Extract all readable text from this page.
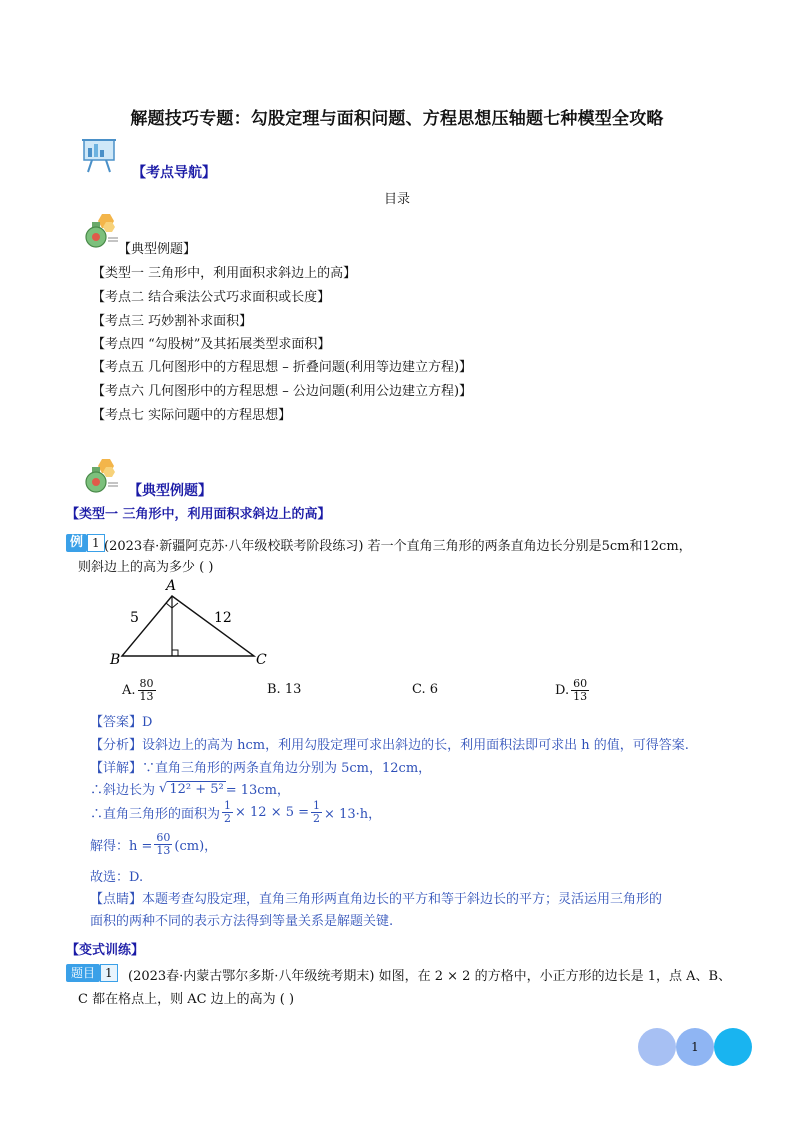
解题技巧专题：勾股定理与面积问题、方程思想压轴题七种模型全攻略
【考点导航】
目录
【典型例题】
【类型一 三角形中，利用面积求斜边上的高】
【考点二 结合乘法公式巧求面积或长度】
【考点三 巧妙割补求面积】
【考点四 “勾股树”及其拓展类型求面积】
【考点五 几何图形中的方程思想 – 折叠问题(利用等边建立方程)】
【考点六 几何图形中的方程思想 – 公边问题(利用公边建立方程)】
【考点七 实际问题中的方程思想】
【典型例题】
【类型一 三角形中，利用面积求斜边上的高】
例 1 (2023春·新疆阿克苏·八年级校联考阶段练习) 若一个直角三角形的两条直角边长分别是5cm和12cm，
则斜边上的高为多少 ( )
A
B	C
5	12
A. $\frac{80}{13}$	B. 13	C. 6	D. $\frac{60}{13}$
【答案】D
【分析】设斜边上的高为 hcm，利用勾股定理可求出斜边的长，利用面积法即可求出 h 的值，可得答案.
【详解】∵直角三角形的两条直角边分别为 5cm，12cm，
∴斜边长为 √ 12² + 5² = 13cm，
∴直角三角形的面积为 $\frac{1}{2} \times 12 \times 5 = \frac{1}{2} \times 13\cdot h$，
解得：$h = \frac{60}{13} (cm)$，
故选：D.
【点睛】本题考查勾股定理，直角三角形两直角边长的平方和等于斜边长的平方；灵活运用三角形的
面积的两种不同的表示方法得到等量关系是解题关键.
【变式训练】
题目 1	(2023春·内蒙古鄂尔多斯·八年级统考期末) 如图，在 2 × 2 的方格中，小正方形的边长是 1，点 A、B、
C 都在格点上，则 AC 边上的高为 ( )
1
